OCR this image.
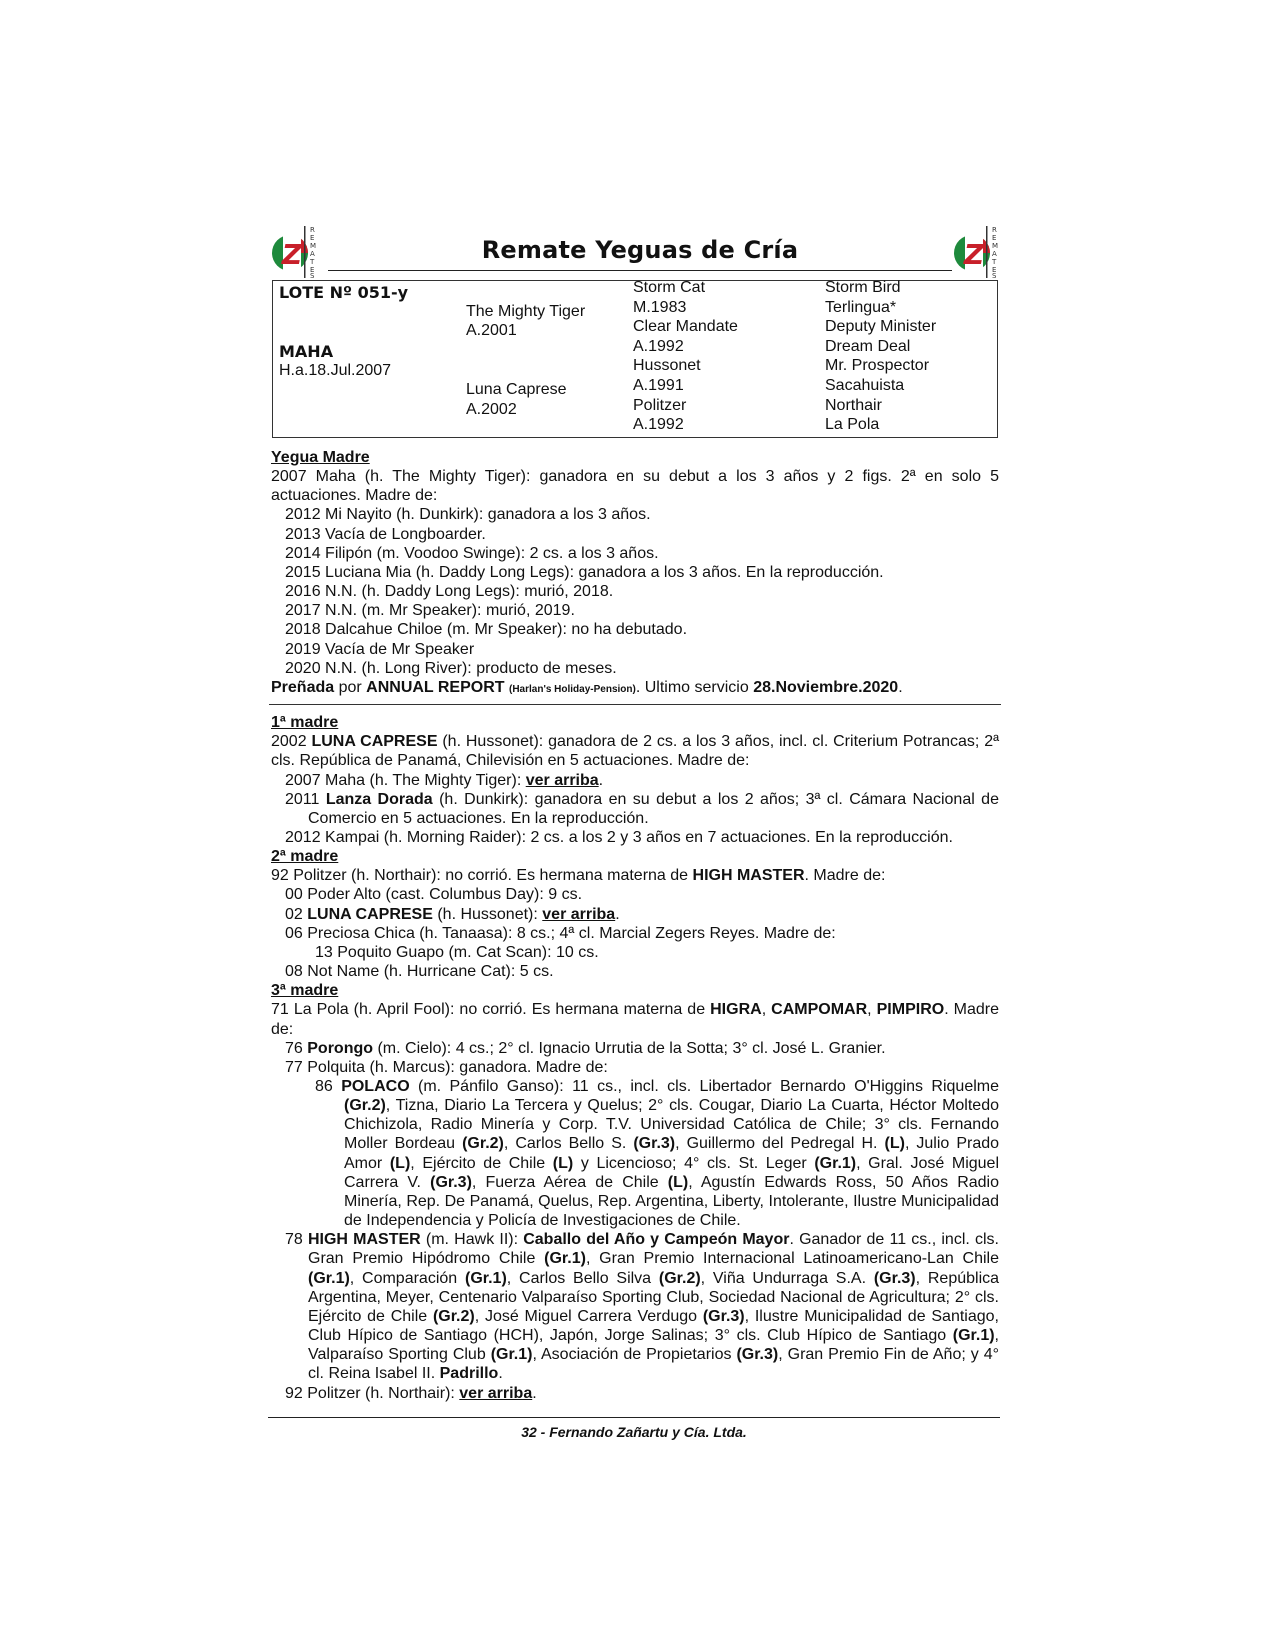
Z
R
E
M
A
T
E
S
Remate Yeguas de Cría	Z
R
E
M
A
T
E
S
LOTE Nº 051-y
MAHA
H.a.18.Jul.2007
The Mighty Tiger
A.2001
Luna Caprese
A.2002
Storm Cat
M.1983
Clear Mandate
A.1992
Hussonet
A.1991
Politzer
A.1992
Storm Bird
Terlingua*
Deputy Minister
Dream Deal
Mr. Prospector
Sacahuista
Northair
La Pola

Yegua Madre

2007 Maha (h. The Mighty Tiger): ganadora en su debut a los 3 años y 2 figs. 2ª en solo 5 actuaciones. Madre de:

2012 Mi Nayito (h. Dunkirk): ganadora a los 3 años.

2013 Vacía de Longboarder.

2014 Filipón (m. Voodoo Swinge): 2 cs. a los 3 años.

2015 Luciana Mia (h. Daddy Long Legs): ganadora a los 3 años. En la reproducción.

2016 N.N. (h. Daddy Long Legs): murió, 2018.

2017 N.N. (m. Mr Speaker): murió, 2019.

2018 Dalcahue Chiloe (m. Mr Speaker): no ha debutado.

2019 Vacía de Mr Speaker

2020 N.N. (h. Long River): producto de meses.

Preñada por ANNUAL REPORT (Harlan's Holiday-Pension). Ultimo servicio 28.Noviembre.2020.

1ª madre

2002 LUNA CAPRESE (h. Hussonet): ganadora de 2 cs. a los 3 años, incl. cl. Criterium Potrancas; 2ª cls. República de Panamá, Chilevisión en 5 actuaciones. Madre de:

2007 Maha (h. The Mighty Tiger): ver arriba.

2011 Lanza Dorada (h. Dunkirk): ganadora en su debut a los 2 años; 3ª cl. Cámara Nacional de Comercio en 5 actuaciones. En la reproducción.

2012 Kampai (h. Morning Raider): 2 cs. a los 2 y 3 años en 7 actuaciones. En la reproducción.

2ª madre

92 Politzer (h. Northair): no corrió. Es hermana materna de HIGH MASTER. Madre de:

00 Poder Alto (cast. Columbus Day): 9 cs.

02 LUNA CAPRESE (h. Hussonet): ver arriba.

06 Preciosa Chica (h. Tanaasa): 8 cs.; 4ª cl. Marcial Zegers Reyes. Madre de:

13 Poquito Guapo (m. Cat Scan): 10 cs.

08 Not Name (h. Hurricane Cat): 5 cs.

3ª madre

71 La Pola (h. April Fool): no corrió. Es hermana materna de HIGRA, CAMPOMAR, PIMPIRO. Madre de:

76 Porongo (m. Cielo): 4 cs.; 2° cl. Ignacio Urrutia de la Sotta; 3° cl. José L. Granier.

77 Polquita (h. Marcus): ganadora. Madre de:

86 POLACO (m. Pánfilo Ganso): 11 cs., incl. cls. Libertador Bernardo O'Higgins Riquelme (Gr.2), Tizna, Diario La Tercera y Quelus; 2° cls. Cougar, Diario La Cuarta, Héctor Moltedo Chichizola, Radio Minería y Corp. T.V. Universidad Católica de Chile; 3° cls. Fernando Moller Bordeau (Gr.2), Carlos Bello S. (Gr.3), Guillermo del Pedregal H. (L), Julio Prado Amor (L), Ejército de Chile (L) y Licencioso; 4° cls. St. Leger (Gr.1), Gral. José Miguel Carrera V. (Gr.3), Fuerza Aérea de Chile (L), Agustín Edwards Ross, 50 Años Radio Minería, Rep. De Panamá, Quelus, Rep. Argentina, Liberty, Intolerante, Ilustre Municipalidad de Independencia y Policía de Investigaciones de Chile.

78 HIGH MASTER (m. Hawk II): Caballo del Año y Campeón Mayor. Ganador de 11 cs., incl. cls. Gran Premio Hipódromo Chile (Gr.1), Gran Premio Internacional Latinoamericano-Lan Chile (Gr.1), Comparación (Gr.1), Carlos Bello Silva (Gr.2), Viña Undurraga S.A. (Gr.3), República Argentina, Meyer, Centenario Valparaíso Sporting Club, Sociedad Nacional de Agricultura; 2° cls. Ejército de Chile (Gr.2), José Miguel Carrera Verdugo (Gr.3), Ilustre Municipalidad de Santiago, Club Hípico de Santiago (HCH), Japón, Jorge Salinas; 3° cls. Club Hípico de Santiago (Gr.1), Valparaíso Sporting Club (Gr.1), Asociación de Propietarios (Gr.3), Gran Premio Fin de Año; y 4° cl. Reina Isabel II. Padrillo.

92 Politzer (h. Northair): ver arriba.

32 - Fernando Zañartu y Cía. Ltda.
